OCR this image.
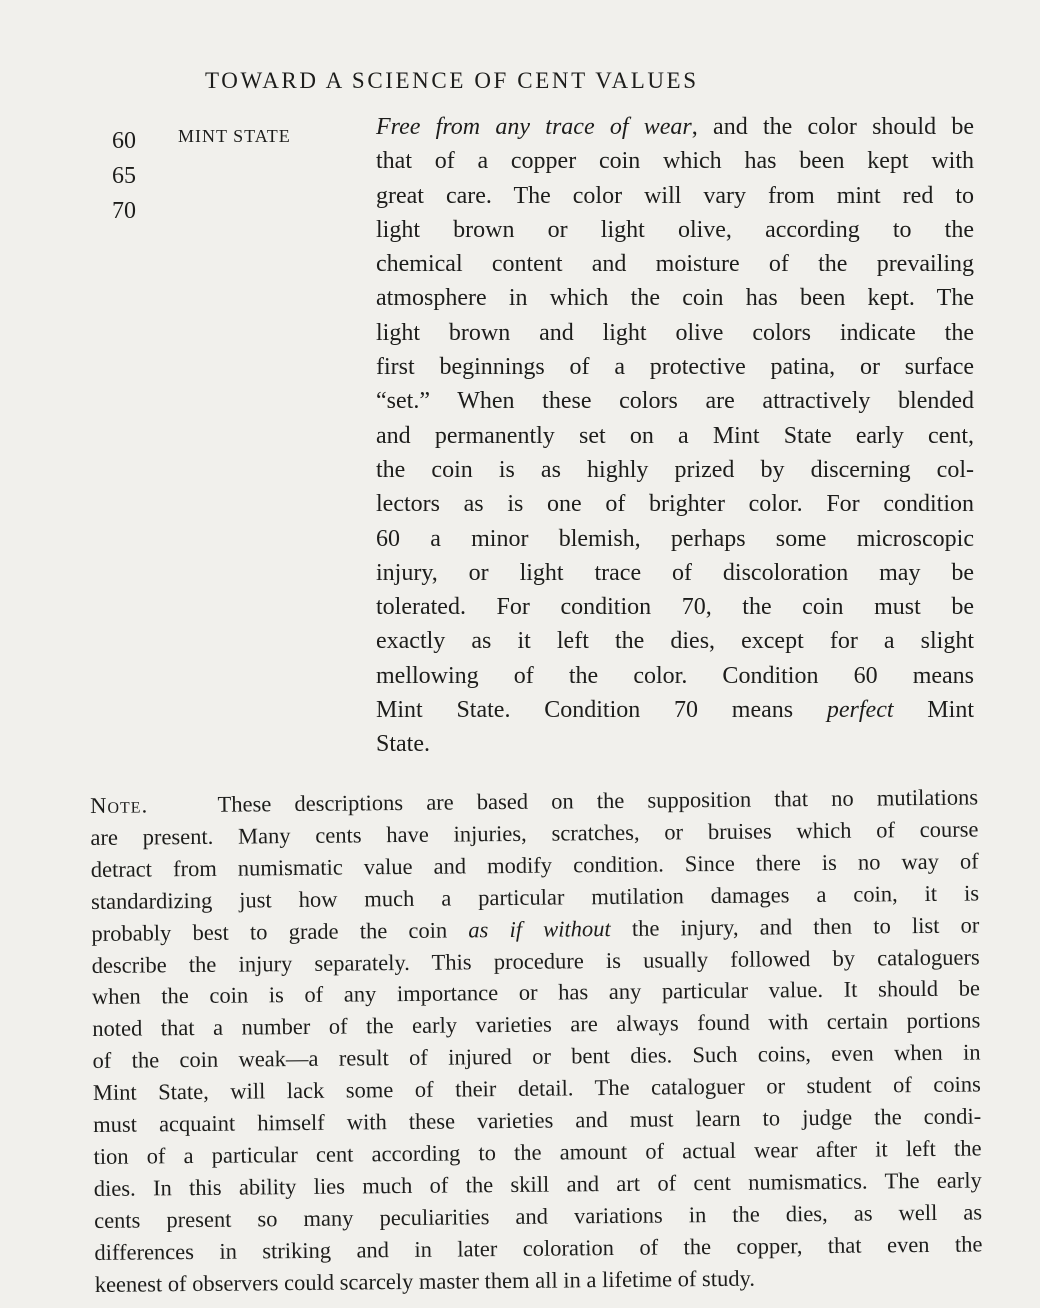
TOWARD A SCIENCE OF CENT VALUES
60
65
70
MINT STATE	Free from any trace of wear, and the color should be
that of a copper coin which has been kept with
great care. The color will vary from mint red to
light brown or light olive, according to the
chemical content and moisture of the prevailing
atmosphere in which the coin has been kept. The
light brown and light olive colors indicate the
first beginnings of a protective patina, or surface
“set.” When these colors are attractively blended
and permanently set on a Mint State early cent,
the coin is as highly prized by discerning col-
lectors as is one of brighter color. For condition
60 a minor blemish, perhaps some microscopic
injury, or light trace of discoloration may be
tolerated. For condition 70, the coin must be
exactly as it left the dies, except for a slight
mellowing of the color. Condition 60 means
Mint State. Condition 70 means perfect Mint
State.
Note.	These descriptions are based on the supposition that no mutilations
are present. Many cents have injuries, scratches, or bruises which of course
detract from numismatic value and modify condition. Since there is no way of
standardizing just how much a particular mutilation damages a coin, it is
probably best to grade the coin as if without the injury, and then to list or
describe the injury separately. This procedure is usually followed by cataloguers
when the coin is of any importance or has any particular value. It should be
noted that a number of the early varieties are always found with certain portions
of the coin weak—a result of injured or bent dies. Such coins, even when in
Mint State, will lack some of their detail. The cataloguer or student of coins
must acquaint himself with these varieties and must learn to judge the condi-
tion of a particular cent according to the amount of actual wear after it left the
dies. In this ability lies much of the skill and art of cent numismatics. The early
cents present so many peculiarities and variations in the dies, as well as
differences in striking and in later coloration of the copper, that even the
keenest of observers could scarcely master them all in a lifetime of study.
